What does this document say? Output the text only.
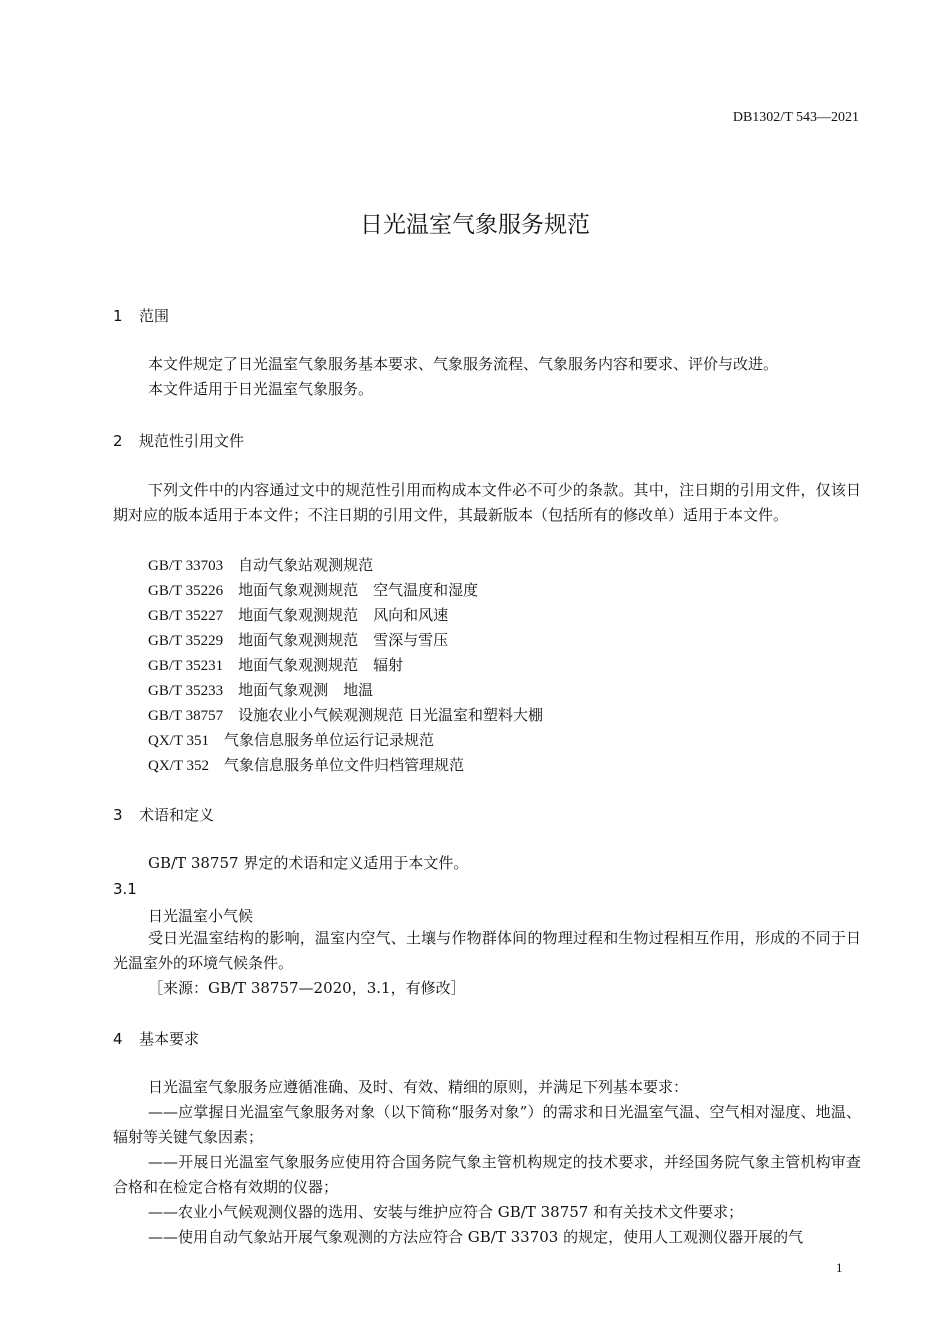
DB1302/T 543—2021
日光温室气象服务规范
1 范围
本文件规定了日光温室气象服务基本要求、气象服务流程、气象服务内容和要求、评价与改进。
本文件适用于日光温室气象服务。
2 规范性引用文件
下列文件中的内容通过文中的规范性引用而构成本文件必不可少的条款。其中，注日期的引用文件，仅该日期对应的版本适用于本文件；不注日期的引用文件，其最新版本（包括所有的修改单）适用于本文件。
GB/T 33703　 自动气象站观测规范
GB/T 35226　 地面气象观测规范　空气温度和湿度
GB/T 35227　 地面气象观测规范　风向和风速
GB/T 35229　 地面气象观测规范　雪深与雪压
GB/T 35231　 地面气象观测规范　辐射
GB/T 35233　 地面气象观测　地温
GB/T 38757　 设施农业小气候观测规范 日光温室和塑料大棚
QX/T 351　 气象信息服务单位运行记录规范
QX/T 352　 气象信息服务单位文件归档管理规范
3 术语和定义
GB/T 38757 界定的术语和定义适用于本文件。
3.1
日光温室小气候
受日光温室结构的影响，温室内空气、土壤与作物群体间的物理过程和生物过程相互作用，形成的不同于日光温室外的环境气候条件。
［来源：GB/T 38757—2020，3.1，有修改］
4 基本要求
日光温室气象服务应遵循准确、及时、有效、精细的原则，并满足下列基本要求：
——应掌握日光温室气象服务对象（以下简称“服务对象”）的需求和日光温室气温、空气相对湿度、地温、辐射等关键气象因素；
——开展日光温室气象服务应使用符合国务院气象主管机构规定的技术要求，并经国务院气象主管机构审查合格和在检定合格有效期的仪器；
——农业小气候观测仪器的选用、安装与维护应符合 GB/T 38757 和有关技术文件要求；
——使用自动气象站开展气象观测的方法应符合 GB/T 33703 的规定，使用人工观测仪器开展的气
1
